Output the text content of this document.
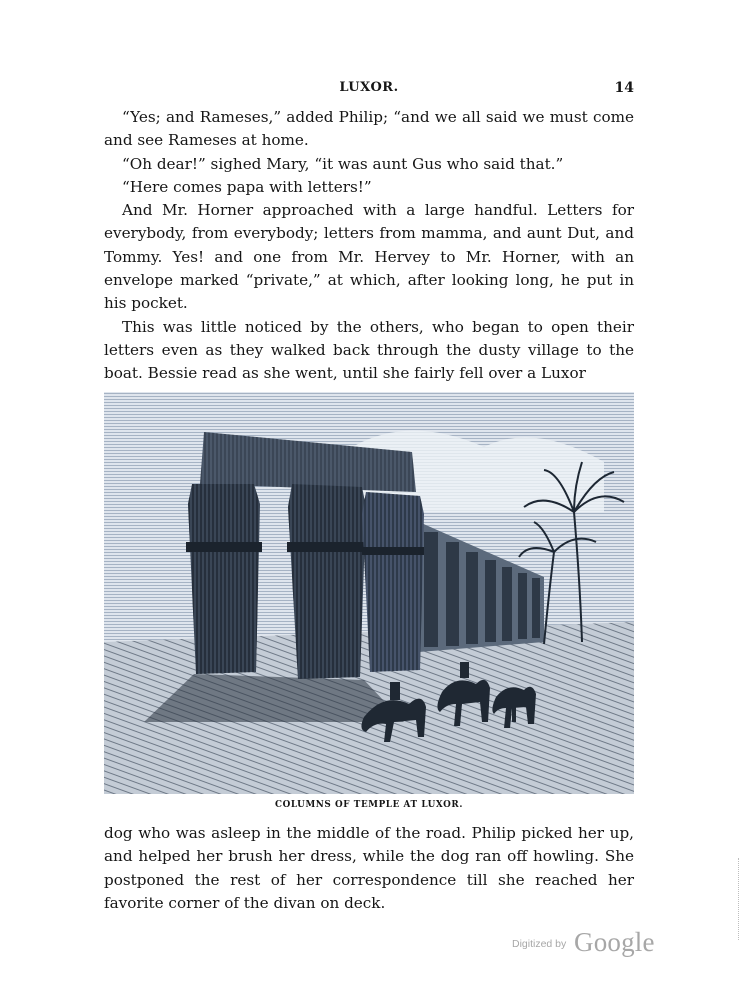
LUXOR.	14

“Yes; and Rameses,” added Philip; “and we all said we must come and see Rameses at home.

“Oh dear!” sighed Mary, “it was aunt Gus who said that.”

“Here comes papa with letters!”

And Mr. Horner approached with a large handful. Letters for everybody, from everybody; letters from mamma, and aunt Dut, and Tommy. Yes! and one from Mr. Hervey to Mr. Horner, with an envelope marked “private,” at which, after looking long, he put in his pocket.

This was little noticed by the others, who began to open their letters even as they walked back through the dusty village to the boat. Bessie read as she went, until she fairly fell over a Luxor

COLUMNS OF TEMPLE AT LUXOR.

dog who was asleep in the middle of the road. Philip picked her up, and helped her brush her dress, while the dog ran off howling. She postponed the rest of her correspondence till she reached her favorite corner of the divan on deck.

Digitized by Google
